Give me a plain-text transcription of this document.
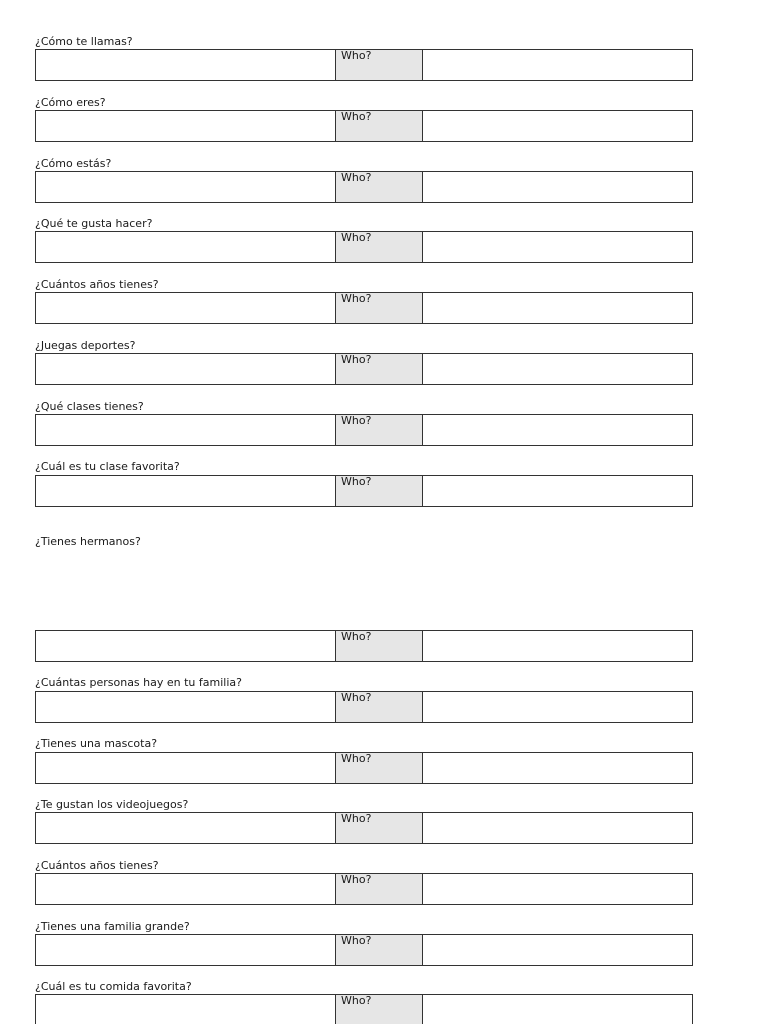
¿Cómo te llamas?
Who?
¿Cómo eres?
Who?
¿Cómo estás?
Who?
¿Qué te gusta hacer?
Who?
¿Cuántos años tienes?
Who?
¿Juegas deportes?
Who?
¿Qué clases tienes?
Who?
¿Cuál es tu clase favorita?
Who?
¿Tienes hermanos?
Who?
¿Cuántas personas hay en tu familia?
Who?
¿Tienes una mascota?
Who?
¿Te gustan los videojuegos?
Who?
¿Cuántos años tienes?
Who?
¿Tienes una familia grande?
Who?
¿Cuál es tu comida favorita?
Who?
